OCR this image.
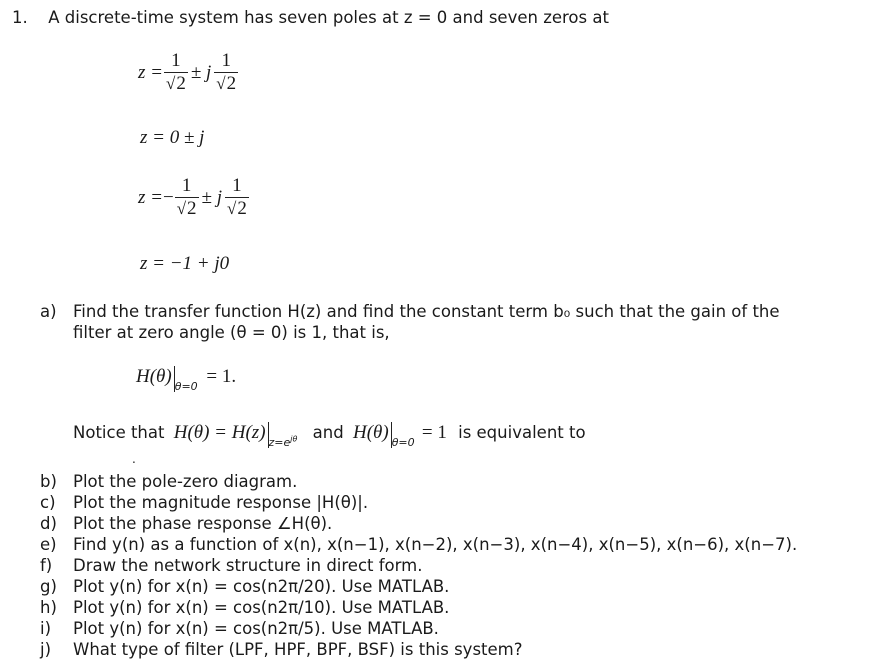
1. A discrete-time system has seven poles at z = 0 and seven zeros at
$z = \frac{1}{√2} \pm j \frac{1}{√2}$
z = 0 ± j
z = − $\frac{1}{√2} \pm j \frac{1}{√2}$
z = −1 + j0
a) Find the transfer function H(z) and find the constant term b₀ such that the gain of the
filter at zero angle (θ = 0) is 1, that is,
H(θ) $_{\theta=0}$ = 1.
Notice that H(θ) = H(z) $_{z=e^{j\theta}}$ and H(θ) $_{\theta=0}$ = 1 is equivalent to
.
b) Plot the pole-zero diagram.
c) Plot the magnitude response |H(θ)|.
d) Plot the phase response ∠H(θ).
e) Find y(n) as a function of x(n), x(n−1), x(n−2), x(n−3), x(n−4), x(n−5), x(n−6), x(n−7).
f) Draw the network structure in direct form.
g) Plot y(n) for x(n) = cos(n2π/20). Use MATLAB.
h) Plot y(n) for x(n) = cos(n2π/10). Use MATLAB.
i) Plot y(n) for x(n) = cos(n2π/5). Use MATLAB.
j) What type of filter (LPF, HPF, BPF, BSF) is this system?
